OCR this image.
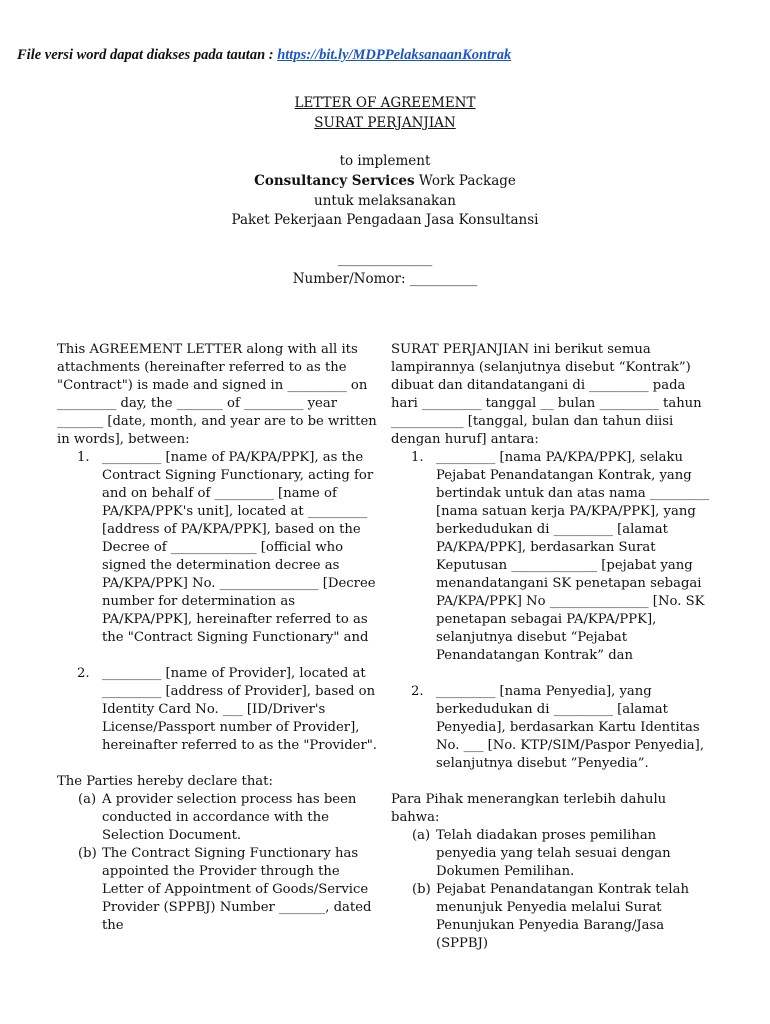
File versi word dapat diakses pada tautan : https://bit.ly/MDPPelaksanaanKontrak
LETTER OF AGREEMENT
SURAT PERJANJIAN
to implement
Consultancy Services Work Package
untuk melaksanakan
Paket Pekerjaan Pengadaan Jasa Konsultansi
______________
Number/Nomor: __________

This AGREEMENT LETTER along with all its attachments (hereinafter referred to as the "Contract") is made and signed in _________ on _________ day, the _______ of _________ year _______ [date, month, and year are to be written in words], between:

1. _________ [name of PA/KPA/PPK], as the Contract Signing Functionary, acting for and on behalf of _________ [name of PA/KPA/PPK's unit], located at _________ [address of PA/KPA/PPK], based on the Decree of _____________ [official who signed the determination decree as PA/KPA/PPK] No. _______________ [Decree number for determination as PA/KPA/PPK], hereinafter referred to as the "Contract Signing Functionary" and
2. _________ [name of Provider], located at _________ [address of Provider], based on Identity Card No. ___ [ID/Driver's License/Passport number of Provider], hereinafter referred to as the "Provider".

The Parties hereby declare that:

(a) A provider selection process has been conducted in accordance with the Selection Document.
(b) The Contract Signing Functionary has appointed the Provider through the Letter of Appointment of Goods/Service Provider (SPPBJ) Number _______, dated the

SURAT PERJANJIAN ini berikut semua lampirannya (selanjutnya disebut “Kontrak”) dibuat dan ditandatangani di _________ pada hari _________ tanggal __ bulan _________ tahun ___________ [tanggal, bulan dan tahun diisi dengan huruf] antara:

1. _________ [nama PA/KPA/PPK], selaku Pejabat Penandatangan Kontrak, yang bertindak untuk dan atas nama _________ [nama satuan kerja PA/KPA/PPK], yang berkedudukan di _________ [alamat PA/KPA/PPK], berdasarkan Surat Keputusan _____________ [pejabat yang menandatangani SK penetapan sebagai PA/KPA/PPK] No _______________ [No. SK penetapan sebagai PA/KPA/PPK], selanjutnya disebut “Pejabat Penandatangan Kontrak” dan
2. _________ [nama Penyedia], yang berkedudukan di _________ [alamat Penyedia], berdasarkan Kartu Identitas No. ___ [No. KTP/SIM/Paspor Penyedia], selanjutnya disebut ”Penyedia”.

Para Pihak menerangkan terlebih dahulu bahwa:

(a) Telah diadakan proses pemilihan penyedia yang telah sesuai dengan Dokumen Pemilihan.
(b) Pejabat Penandatangan Kontrak telah menunjuk Penyedia melalui Surat Penunjukan Penyedia Barang/Jasa (SPPBJ)
